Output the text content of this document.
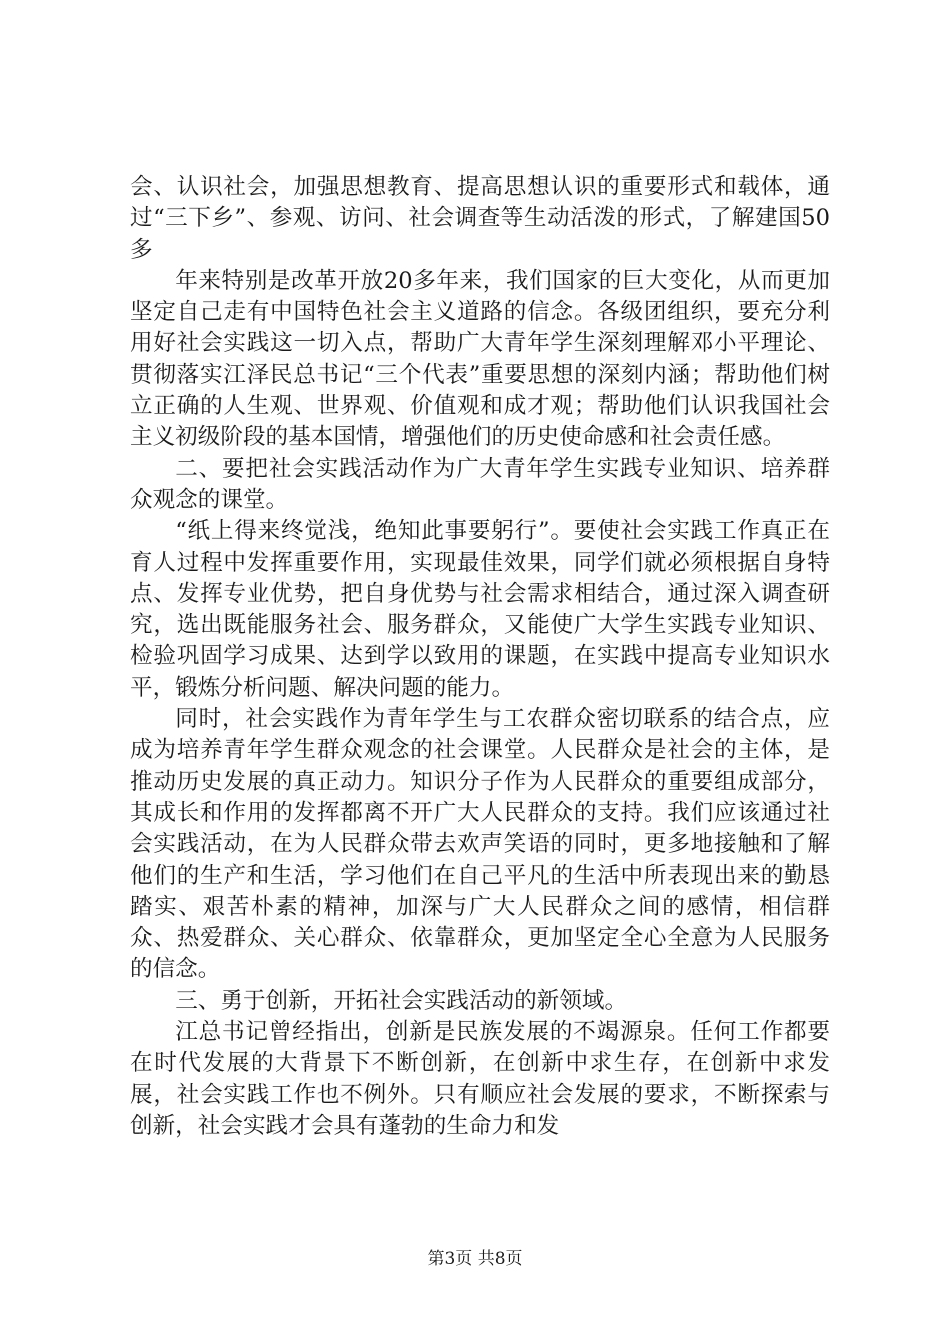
会、认识社会，加强思想教育、提高思想认识的重要形式和载体，通过“三下乡”、参观、访问、社会调查等生动活泼的形式，了解建国50多

年来特别是改革开放20多年来，我们国家的巨大变化，从而更加坚定自己走有中国特色社会主义道路的信念。各级团组织，要充分利用好社会实践这一切入点，帮助广大青年学生深刻理解邓小平理论、贯彻落实江泽民总书记“三个代表”重要思想的深刻内涵；帮助他们树立正确的人生观、世界观、价值观和成才观；帮助他们认识我国社会主义初级阶段的基本国情，增强他们的历史使命感和社会责任感。

二、要把社会实践活动作为广大青年学生实践专业知识、培养群众观念的课堂。

“纸上得来终觉浅，绝知此事要躬行”。要使社会实践工作真正在育人过程中发挥重要作用，实现最佳效果，同学们就必须根据自身特点、发挥专业优势，把自身优势与社会需求相结合，通过深入调查研究，选出既能服务社会、服务群众，又能使广大学生实践专业知识、检验巩固学习成果、达到学以致用的课题，在实践中提高专业知识水平，锻炼分析问题、解决问题的能力。

同时，社会实践作为青年学生与工农群众密切联系的结合点，应成为培养青年学生群众观念的社会课堂。人民群众是社会的主体，是推动历史发展的真正动力。知识分子作为人民群众的重要组成部分，其成长和作用的发挥都离不开广大人民群众的支持。我们应该通过社会实践活动，在为人民群众带去欢声笑语的同时，更多地接触和了解他们的生产和生活，学习他们在自己平凡的生活中所表现出来的勤恳踏实、艰苦朴素的精神，加深与广大人民群众之间的感情，相信群众、热爱群众、关心群众、依靠群众，更加坚定全心全意为人民服务的信念。

三、勇于创新，开拓社会实践活动的新领域。

江总书记曾经指出，创新是民族发展的不竭源泉。任何工作都要在时代发展的大背景下不断创新，在创新中求生存，在创新中求发展，社会实践工作也不例外。只有顺应社会发展的要求，不断探索与创新，社会实践才会具有蓬勃的生命力和发

第3页 共8页
